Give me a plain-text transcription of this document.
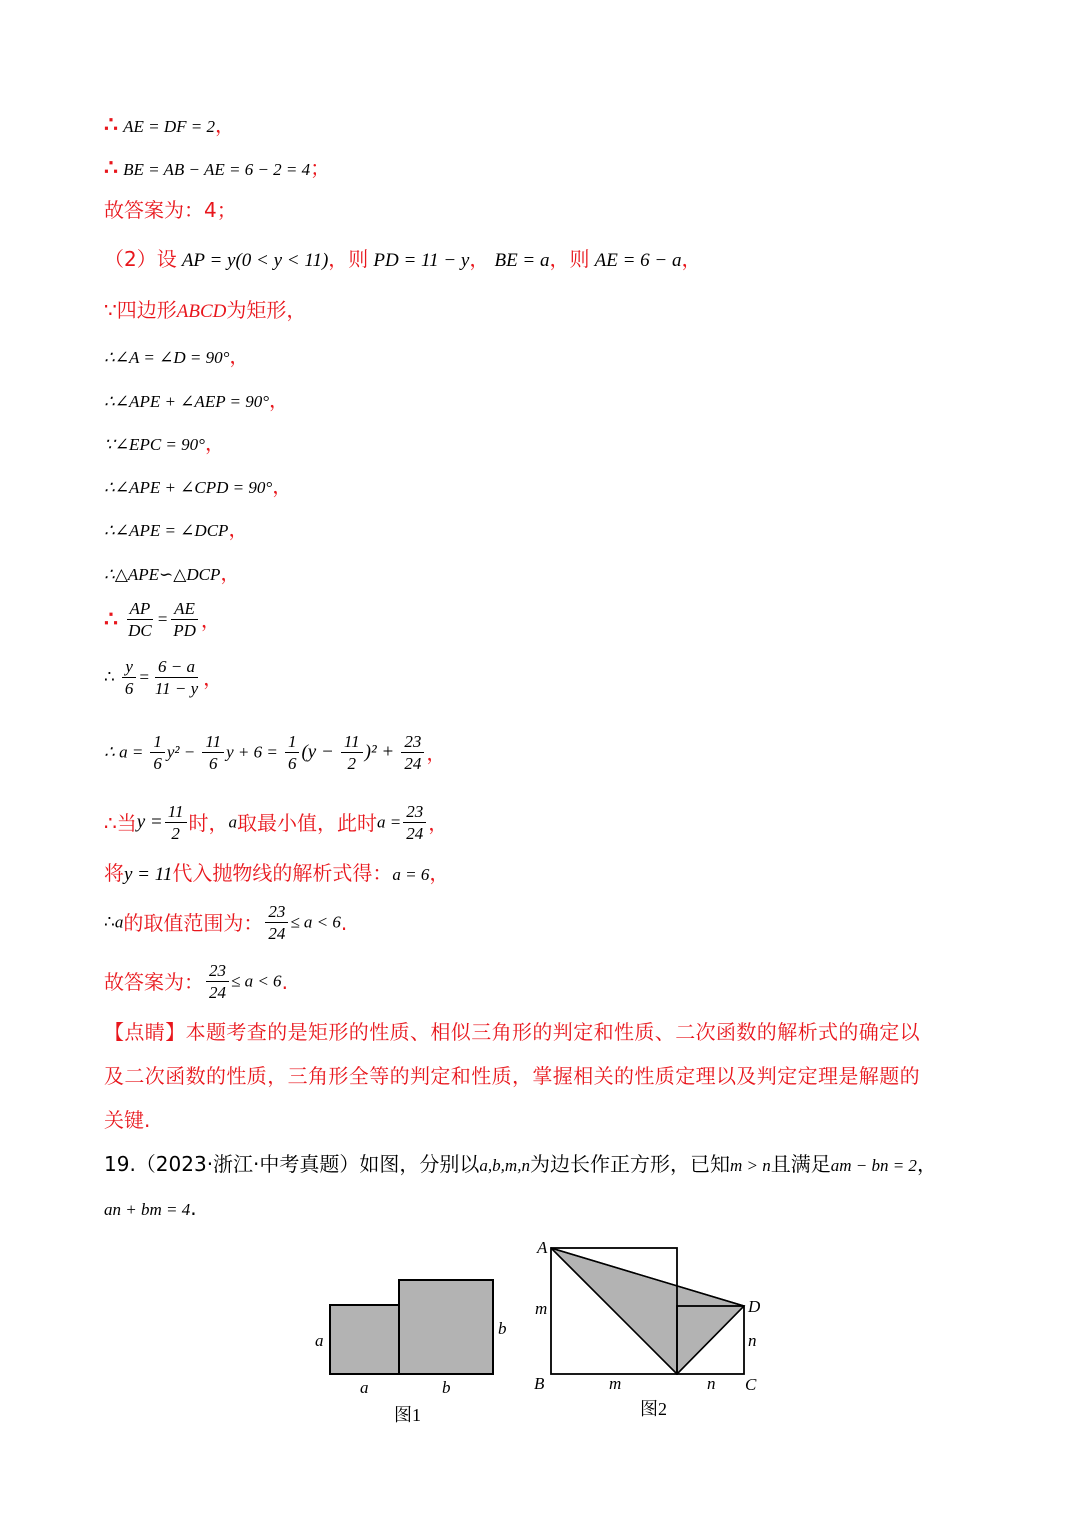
∴ AE = DF = 2，
∴ BE = AB − AE = 6 − 2 = 4；
故答案为：4；
（2）设 AP = y(0 < y < 11)，则 PD = 11 − y， BE = a，则 AE = 6 − a，
∵四边形ABCD为矩形，
∴∠A = ∠D = 90°，
∴∠APE + ∠AEP = 90°，
∵∠EPC = 90°，
∴∠APE + ∠CPD = 90°，
∴∠APE = ∠DCP，
∴△APE∽△DCP，
∴ $\frac{AP}{DC} = \frac{AE}{PD}$ ，
∴ $\frac{y}{6} = \frac{6 - a}{11 - y}$ ，
∴ $a = \frac{1}{6} y^2 - \frac{11}{6}$ $y + 6 = \frac{1}{6} (y - \frac{11}{2} )^2 + \frac{23}{24}$ ，
∴当$y = \frac{11}{2}$ 时，a取最小值，此时$a = \frac{23}{24}$ ，
将y = 11代入抛物线的解析式得：a = 6，
∴a的取值范围为： $\frac{23}{24} \le a < 6$.
故答案为： $\frac{23}{24} \le a < 6$.
【点睛】本题考查的是矩形的性质、相似三角形的判定和性质、二次函数的解析式的确定以
及二次函数的性质，三角形全等的判定和性质，掌握相关的性质定理以及判定定理是解题的
关键.
19.（2023·浙江·中考真题）如图，分别以a,b,m,n为边长作正方形，已知m > n且满足am − bn = 2，
an + bm = 4.
a
b
a	b
图1
A
B	C
D
m
m	n
n
图2
